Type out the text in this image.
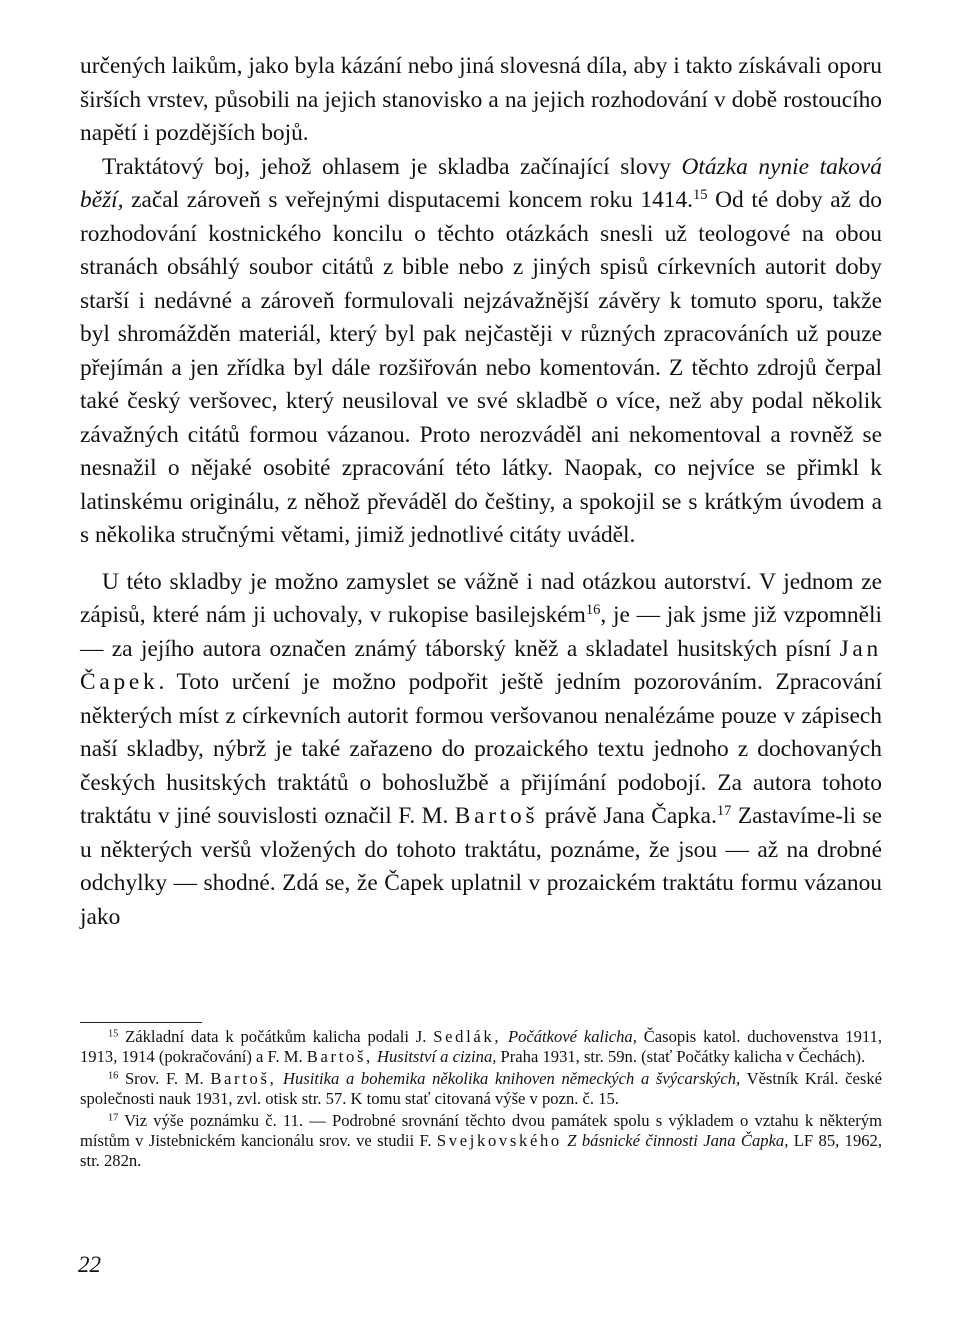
určených laikům, jako byla kázání nebo jiná slovesná díla, aby i takto získávali oporu širších vrstev, působili na jejich stanovisko a na jejich rozhodování v době rostoucího napětí i pozdějších bojů.

Traktátový boj, jehož ohlasem je skladba začínající slovy Otázka nynie taková běží, začal zároveň s veřejnými disputacemi koncem roku 1414.15 Od té doby až do rozhodování kostnického koncilu o těchto otázkách snesli už teologové na obou stranách obsáhlý soubor citátů z bible nebo z jiných spisů církevních autorit doby starší i nedávné a zároveň formulovali nejzávažnější závěry k tomuto sporu, takže byl shromážděn materiál, který byl pak nejčastěji v různých zpracováních už pouze přejímán a jen zřídka byl dále rozšiřován nebo komentován. Z těchto zdrojů čerpal také český veršovec, který neusiloval ve své skladbě o více, než aby podal několik závažných citátů formou vázanou. Proto nerozváděl ani nekomentoval a rovněž se nesnažil o nějaké osobité zpracování této látky. Naopak, co nejvíce se přimkl k latinskému originálu, z něhož převáděl do češtiny, a spokojil se s krátkým úvodem a s několika stručnými větami, jimiž jednotlivé citáty uváděl.

U této skladby je možno zamyslet se vážně i nad otázkou autorství. V jednom ze zápisů, které nám ji uchovaly, v rukopise basilejském$^{16}$, je — jak jsme již vzpomněli — za jejího autora označen známý táborský kněž a skladatel husitských písní Jan Čapek. Toto určení je možno podpořit ještě jedním pozorováním. Zpracování některých míst z církevních autorit formou veršovanou nenalézáme pouze v zápisech naší skladby, nýbrž je také zařazeno do prozaického textu jednoho z dochovaných českých husitských traktátů o bohoslužbě a přijímání podobojí. Za autora tohoto traktátu v jiné souvislosti označil F. M. Bartoš právě Jana Čapka.$^{17}$ Zastavíme-li se u některých veršů vložených do tohoto traktátu, poznáme, že jsou — až na drobné odchylky — shodné. Zdá se, že Čapek uplatnil v prozaickém traktátu formu vázanou jako

$^{15}$ Základní data k počátkům kalicha podali J. Sedlák, Počátkové kalicha, Časopis katol. duchovenstva 1911, 1913, 1914 (pokračování) a F. M. Bartoš, Husitství a cizina, Praha 1931, str. 59n. (stať Počátky kalicha v Čechách).

$^{16}$ Srov. F. M. Bartoš, Husitika a bohemika několika knihoven německých a švýcarských, Věstník Král. české společnosti nauk 1931, zvl. otisk str. 57. K tomu stať citovaná výše v pozn. č. 15.

$^{17}$ Viz výše poznámku č. 11. — Podrobné srovnání těchto dvou památek spolu s výkladem o vztahu k některým místům v Jistebnickém kancionálu srov. ve studii F. Svejkovského Z básnické činnosti Jana Čapka, LF 85, 1962, str. 282n.

22
